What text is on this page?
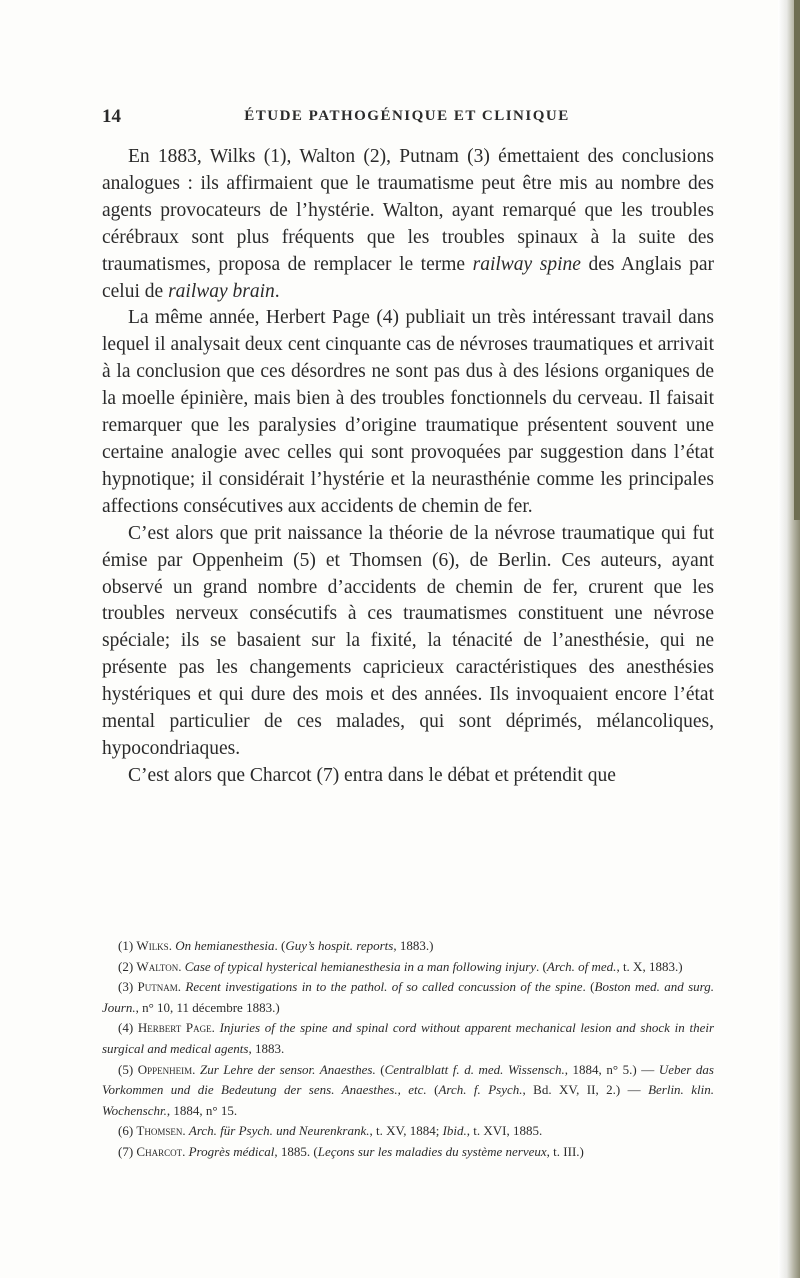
14	ÉTUDE PATHOGÉNIQUE ET CLINIQUE

En 1883, Wilks (1), Walton (2), Putnam (3) émettaient des conclusions analogues : ils affirmaient que le traumatisme peut être mis au nombre des agents provocateurs de l’hystérie. Walton, ayant remarqué que les troubles cérébraux sont plus fréquents que les troubles spinaux à la suite des traumatismes, proposa de remplacer le terme railway spine des Anglais par celui de railway brain.

La même année, Herbert Page (4) publiait un très intéressant travail dans lequel il analysait deux cent cinquante cas de névroses traumatiques et arrivait à la conclusion que ces désordres ne sont pas dus à des lésions organiques de la moelle épinière, mais bien à des troubles fonctionnels du cerveau. Il faisait remarquer que les paralysies d’origine traumatique présentent souvent une certaine analogie avec celles qui sont provoquées par suggestion dans l’état hypnotique; il considérait l’hystérie et la neurasthénie comme les principales affections consécutives aux accidents de chemin de fer.

C’est alors que prit naissance la théorie de la névrose traumatique qui fut émise par Oppenheim (5) et Thomsen (6), de Berlin. Ces auteurs, ayant observé un grand nombre d’accidents de chemin de fer, crurent que les troubles nerveux consécutifs à ces traumatismes constituent une névrose spéciale; ils se basaient sur la fixité, la ténacité de l’anesthésie, qui ne présente pas les changements capricieux caractéristiques des anesthésies hystériques et qui dure des mois et des années. Ils invoquaient encore l’état mental particulier de ces malades, qui sont déprimés, mélancoliques, hypocondriaques.

C’est alors que Charcot (7) entra dans le débat et prétendit que

(1) Wilks. On hemianesthesia. (Guy’s hospit. reports, 1883.)

(2) Walton. Case of typical hysterical hemianesthesia in a man following injury. (Arch. of med., t. X, 1883.)

(3) Putnam. Recent investigations in to the pathol. of so called concussion of the spine. (Boston med. and surg. Journ., n° 10, 11 décembre 1883.)

(4) Herbert Page. Injuries of the spine and spinal cord without apparent mechanical lesion and shock in their surgical and medical agents, 1883.

(5) Oppenheim. Zur Lehre der sensor. Anaesthes. (Centralblatt f. d. med. Wissensch., 1884, n° 5.) — Ueber das Vorkommen und die Bedeutung der sens. Anaesthes., etc. (Arch. f. Psych., Bd. XV, II, 2.) — Berlin. klin. Wochenschr., 1884, n° 15.

(6) Thomsen. Arch. für Psych. und Neurenkrank., t. XV, 1884; Ibid., t. XVI, 1885.

(7) Charcot. Progrès médical, 1885. (Leçons sur les maladies du système nerveux, t. III.)
